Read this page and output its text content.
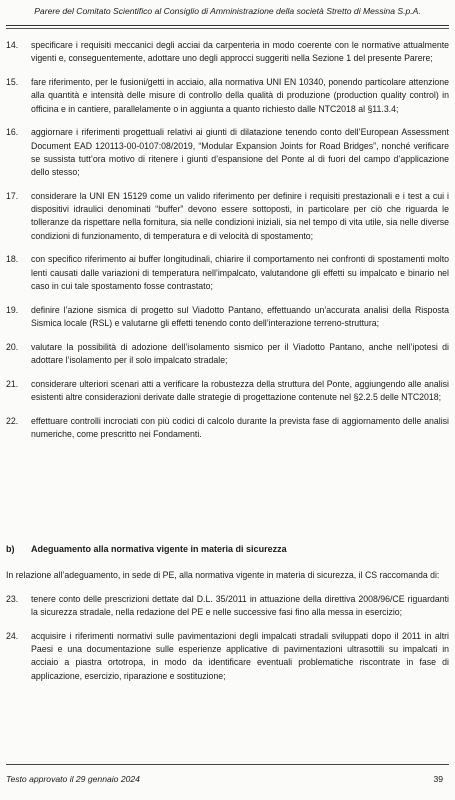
Parere del Comitato Scientifico al Consiglio di Amministrazione della società Stretto di Messina S.p.A.
14.	specificare i requisiti meccanici degli acciai da carpenteria in modo coerente con le normative attualmente vigenti e, conseguentemente, adottare uno degli approcci suggeriti nella Sezione 1 del presente Parere;
15.	fare riferimento, per le fusioni/getti in acciaio, alla normativa UNI EN 10340, ponendo particolare attenzione alla quantità e intensità delle misure di controllo della qualità di produzione (production quality control) in officina e in cantiere, parallelamente o in aggiunta a quanto richiesto dalle NTC2018 al §11.3.4;
16.	aggiornare i riferimenti progettuali relativi ai giunti di dilatazione tenendo conto dell’European Assessment Document EAD 120113-00-0107:08/2019, “Modular Expansion Joints for Road Bridges”, nonché verificare se sussista tutt’ora motivo di ritenere i giunti d’espansione del Ponte al di fuori del campo d’applicazione dello stesso;
17.	considerare la UNI EN 15129 come un valido riferimento per definire i requisiti prestazionali e i test a cui i dispositivi idraulici denominati “buffer” devono essere sottoposti, in particolare per ciò che riguarda le tolleranze da rispettare nella fornitura, sia nelle condizioni iniziali, sia nel tempo di vita utile, sia nelle diverse condizioni di funzionamento, di temperatura e di velocità di spostamento;
18.	con specifico riferimento ai buffer longitudinali, chiarire il comportamento nei confronti di spostamenti molto lenti causati dalle variazioni di temperatura nell’impalcato, valutandone gli effetti su impalcato e binario nel caso in cui tale spostamento fosse contrastato;
19.	definire l’azione sismica di progetto sul Viadotto Pantano, effettuando un’accurata analisi della Risposta Sismica locale (RSL) e valutarne gli effetti tenendo conto dell’interazione terreno-struttura;
20.	valutare la possibilità di adozione dell’isolamento sismico per il Viadotto Pantano, anche nell’ipotesi di adottare l’isolamento per il solo impalcato stradale;
21.	considerare ulteriori scenari atti a verificare la robustezza della struttura del Ponte, aggiungendo alle analisi esistenti altre considerazioni derivate dalle strategie di progettazione contenute nel §2.2.5 delle NTC2018;
22.	effettuare controlli incrociati con più codici di calcolo durante la prevista fase di aggiornamento delle analisi numeriche, come prescritto nei Fondamenti.
b)	Adeguamento alla normativa vigente in materia di sicurezza
In relazione all’adeguamento, in sede di PE, alla normativa vigente in materia di sicurezza, il CS raccomanda di:
23.	tenere conto delle prescrizioni dettate dal D.L. 35/2011 in attuazione della direttiva 2008/96/CE riguardanti la sicurezza stradale, nella redazione del PE e nelle successive fasi fino alla messa in esercizio;
24.	acquisire i riferimenti normativi sulle pavimentazioni degli impalcati stradali sviluppati dopo il 2011 in altri Paesi e una documentazione sulle esperienze applicative di pavimentazioni ultrasottili su impalcati in acciaio a piastra ortotropa, in modo da identificare eventuali problematiche riscontrate in fase di applicazione, esercizio, riparazione e sostituzione;
Testo approvato il 29 gennaio 2024	39
